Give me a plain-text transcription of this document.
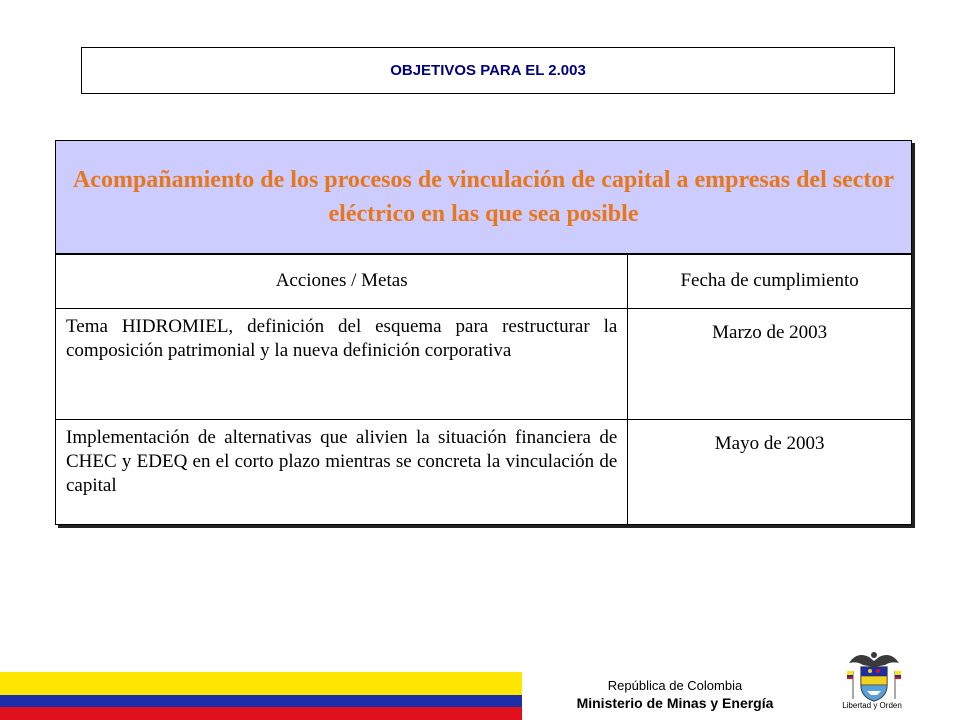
OBJETIVOS PARA EL 2.003
Acompañamiento de los procesos de vinculación de capital a empresas del sector eléctrico en las que sea posible	
Acciones / Metas	Fecha de cumplimiento
Tema HIDROMIEL, definición del esquema para restructurar la composición patrimonial y la nueva definición corporativa	Marzo de 2003
Implementación de alternativas que alivien la situación financiera de CHEC y EDEQ en el corto plazo mientras se concreta la vinculación de capital	Mayo de 2003
República de Colombia
Ministerio de Minas y Energía	Libertad y Orden
